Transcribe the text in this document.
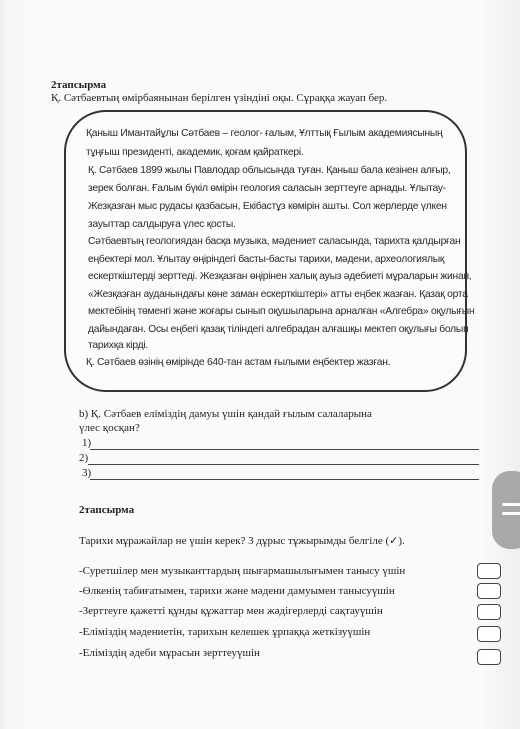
2тапсырма
Қ. Сәтбаевтың өмірбаянынан берілген үзіндіні оқы. Сұраққа жауап бер.
Қаныш Имантайұлы Сәтбаев – геолог- ғалым, Ұлттық Ғылым академиясының
тұңғыш президенті, академик, қоғам қайраткері.
Қ. Сәтбаев 1899 жылы Павлодар облысында туған. Қаныш бала кезінен алғыр,
зерек болған. Ғалым бүкіл өмірін геология саласын зерттеуге арнады. Ұлытау-
Жезқазған мыс рудасы қазбасын, Екібастұз көмірін ашты. Сол жерлерде үлкен
зауыттар салдыруға үлес қосты.
Сәтбаевтың геологиядан басқа музыка, мәдениет саласында, тарихта қалдырған
еңбектері мол. Ұлытау өңіріндегі басты-басты тарихи, мәдени, археологиялық
ескерткіштерді зерттеді. Жезқазған өңірінен халық ауыз әдебиеті мұраларын жинап,
«Жезқазған ауданындағы көне заман ескерткіштері» атты еңбек жазған. Қазақ орта
мектебінің төменгі және жоғары сынып оқушыларына арналған «Алгебра» оқулығын
дайындаған. Осы еңбегі қазақ тіліндегі алгебрадан алғашқы мектеп оқулығы болып
тарихқа кірді.
Қ. Сәтбаев өзінің өмірінде 640-тан астам ғылыми еңбектер жазған.
b) Қ. Сәтбаев еліміздің дамуы үшін қандай ғылым салаларына
үлес қосқан?
1)
2)
3)
2тапсырма
Тарихи мұражайлар не үшін керек? 3 дұрыс тұжырымды белгіле (✓).
-Суретшілер мен музыканттардың шығармашылығымен танысу үшін
-Өлкенің табиғатымен, тарихи және мәдени дамуымен танысуүшін
-Зерттеуге қажетті құнды құжаттар мен жәдігерлерді сақтауүшін
-Еліміздің мәдениетін, тарихын келешек ұрпаққа жеткізуүшін
-Еліміздің әдеби мұрасын зерттеуүшін
